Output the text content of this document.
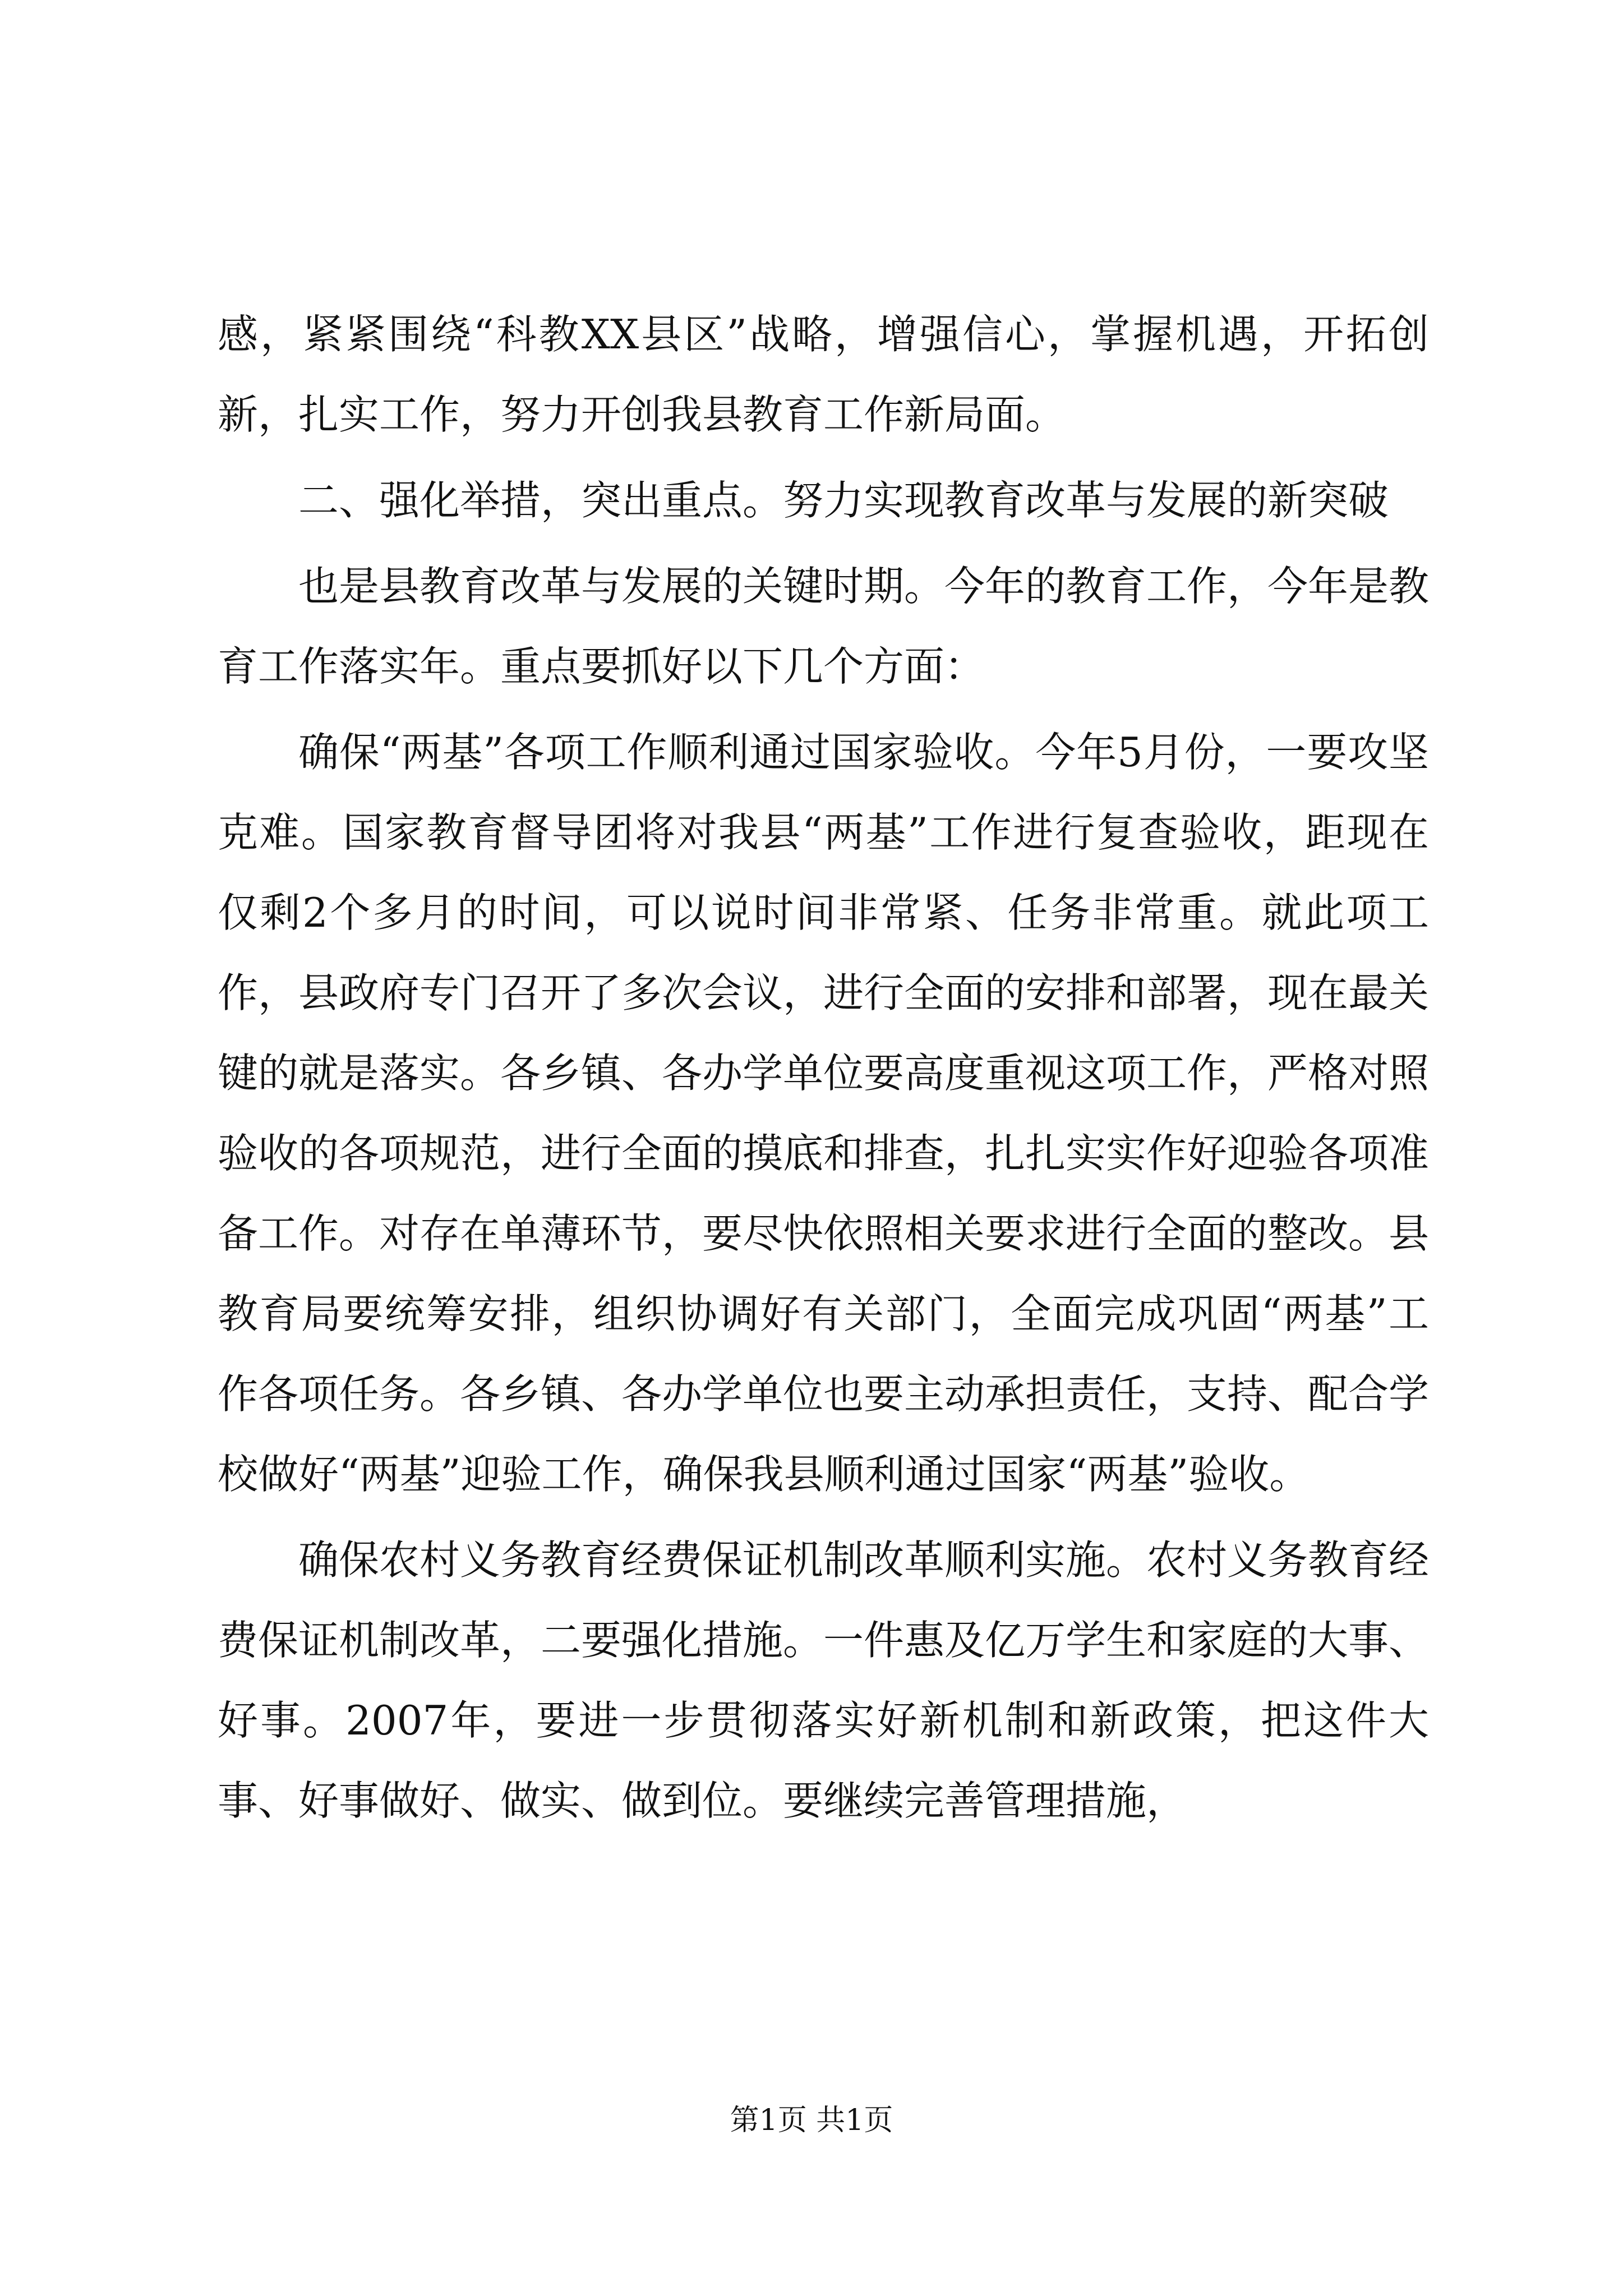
感，紧紧围绕“科教XX县区”战略，增强信心，掌握机遇，开拓创新，扎实工作，努力开创我县教育工作新局面。

二、强化举措，突出重点。努力实现教育改革与发展的新突破

也是县教育改革与发展的关键时期。今年的教育工作，今年是教育工作落实年。重点要抓好以下几个方面：

确保“两基”各项工作顺利通过国家验收。今年5月份，一要攻坚克难。国家教育督导团将对我县“两基”工作进行复查验收，距现在仅剩2个多月的时间，可以说时间非常紧、任务非常重。就此项工作，县政府专门召开了多次会议，进行全面的安排和部署，现在最关键的就是落实。各乡镇、各办学单位要高度重视这项工作，严格对照验收的各项规范，进行全面的摸底和排查，扎扎实实作好迎验各项准备工作。对存在单薄环节，要尽快依照相关要求进行全面的整改。县教育局要统筹安排，组织协调好有关部门，全面完成巩固“两基”工作各项任务。各乡镇、各办学单位也要主动承担责任，支持、配合学校做好“两基”迎验工作，确保我县顺利通过国家“两基”验收。

确保农村义务教育经费保证机制改革顺利实施。农村义务教育经费保证机制改革，二要强化措施。一件惠及亿万学生和家庭的大事、好事。2007年，要进一步贯彻落实好新机制和新政策，把这件大事、好事做好、做实、做到位。要继续完善管理措施，

第1页 共1页
